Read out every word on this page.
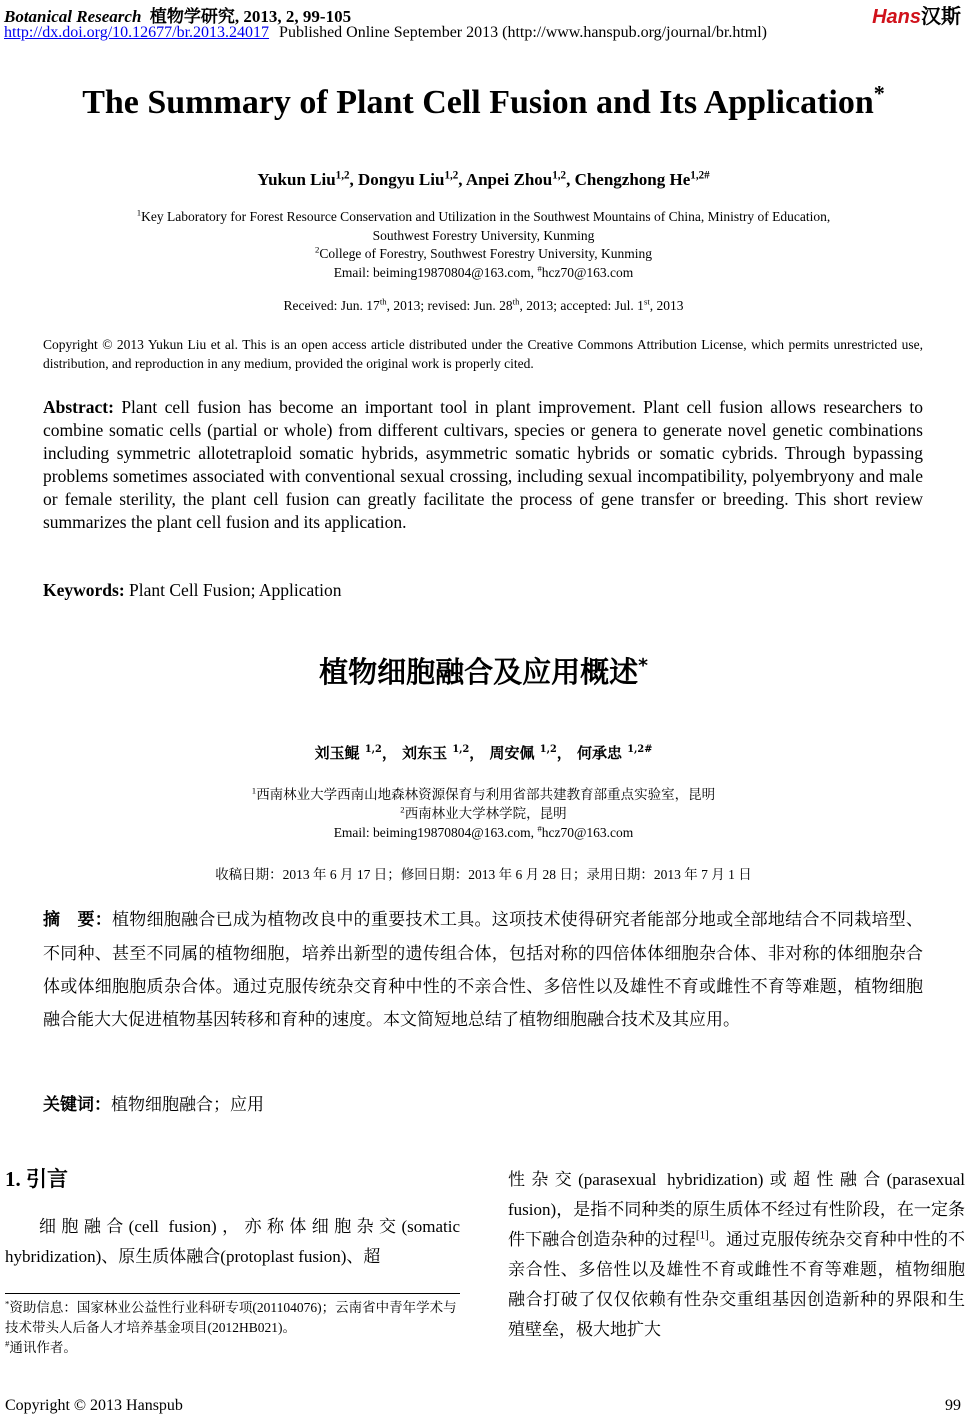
Botanical Research 植物学研究, 2013, 2, 99-105	Hans汉斯
http://dx.doi.org/10.12677/br.2013.24017 Published Online September 2013 (http://www.hanspub.org/journal/br.html)
The Summary of Plant Cell Fusion and Its Application*
Yukun Liu$^{1,2}$, Dongyu Liu$^{1,2}$, Anpei Zhou$^{1,2}$, Chengzhong $He^{1,2\#}$
$^1$Key Laboratory for Forest Resource Conservation and Utilization in the Southwest Mountains of China, Ministry of Education,
Southwest Forestry University, Kunming
$^2$College of Forestry, Southwest Forestry University, Kunming
Email: beiming19870804@163.com, #hcz70@163.com
Received: Jun. 17th, 2013; revised: Jun. 28th, 2013; accepted: Jul. 1st, 2013
Copyright © 2013 Yukun Liu et al. This is an open access article distributed under the Creative Commons Attribution License, which permits unrestricted use, distribution, and reproduction in any medium, provided the original work is properly cited.
Abstract: Plant cell fusion has become an important tool in plant improvement. Plant cell fusion allows researchers to combine somatic cells (partial or whole) from different cultivars, species or genera to generate novel genetic combinations including symmetric allotetraploid somatic hybrids, asymmetric somatic hybrids or somatic cybrids. Through bypassing problems sometimes associated with conventional sexual crossing, including sexual incompatibility, polyembryony and male or female sterility, the plant cell fusion can greatly facilitate the process of gene transfer or breeding. This short review summarizes the plant cell fusion and its application.
Keywords: Plant Cell Fusion; Application
植物细胞融合及应用概述*
刘玉鲲 $^{1,2}$， 刘东玉 $^{1,2}$， 周安佩 $^{1,2}$， 何承忠 $^{1,2\#}$
$^1$西南林业大学西南山地森林资源保育与利用省部共建教育部重点实验室，昆明
$^2$西南林业大学林学院，昆明
Email: beiming19870804@163.com, #hcz70@163.com
收稿日期：2013 年 6 月 17 日；修回日期：2013 年 6 月 28 日；录用日期：2013 年 7 月 1 日
摘　要：植物细胞融合已成为植物改良中的重要技术工具。这项技术使得研究者能部分地或全部地结合不同栽培型、不同种、甚至不同属的植物细胞，培养出新型的遗传组合体，包括对称的四倍体体细胞杂合体、非对称的体细胞杂合体或体细胞胞质杂合体。通过克服传统杂交育种中性的不亲合性、多倍性以及雄性不育或雌性不育等难题，植物细胞融合能大大促进植物基因转移和育种的速度。本文简短地总结了植物细胞融合技术及其应用。
关键词：植物细胞融合；应用
1. 引言
细胞融合(cell fusion)，亦称体细胞杂交(somatic hybridization)、原生质体融合(protoplast fusion)、超
*资助信息：国家林业公益性行业科研专项(201104076)；云南省中青年学术与技术带头人后备人才培养基金项目(2012HB021)。
#通讯作者。
性杂交(parasexual hybridization)或超性融合(parasexual fusion)，是指不同种类的原生质体不经过有性阶段，在一定条件下融合创造杂种的过程[1]。通过克服传统杂交育种中性的不亲合性、多倍性以及雄性不育或雌性不育等难题，植物细胞融合打破了仅仅依赖有性杂交重组基因创造新种的界限和生殖壁垒，极大地扩大
Copyright © 2013 Hanspub	99
